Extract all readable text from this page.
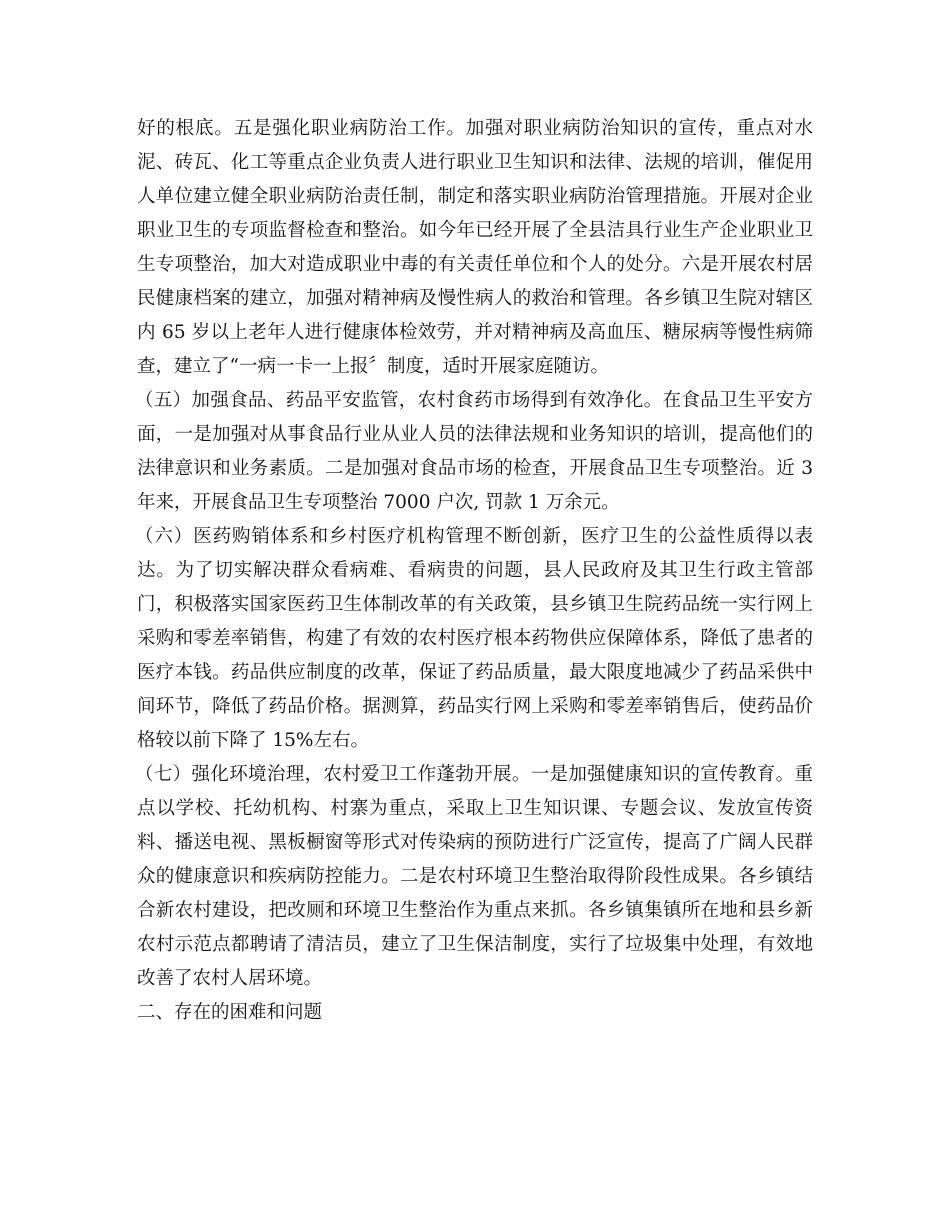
好的根底。五是强化职业病防治工作。加强对职业病防治知识的宣传，重点对水泥、砖瓦、化工等重点企业负责人进行职业卫生知识和法律、法规的培训，催促用人单位建立健全职业病防治责任制，制定和落实职业病防治管理措施。开展对企业职业卫生的专项监督检查和整治。如今年已经开展了全县洁具行业生产企业职业卫生专项整治，加大对造成职业中毒的有关责任单位和个人的处分。六是开展农村居民健康档案的建立，加强对精神病及慢性病人的救治和管理。各乡镇卫生院对辖区内 65 岁以上老年人进行健康体检效劳，并对精神病及高血压、糖尿病等慢性病筛查，建立了“一病一卡一上报〞制度，适时开展家庭随访。

（五）加强食品、药品平安监管，农村食药市场得到有效净化。在食品卫生平安方面，一是加强对从事食品行业从业人员的法律法规和业务知识的培训，提高他们的法律意识和业务素质。二是加强对食品市场的检查，开展食品卫生专项整治。近 3 年来，开展食品卫生专项整治 7000 户次, 罚款 1 万余元。

（六）医药购销体系和乡村医疗机构管理不断创新，医疗卫生的公益性质得以表达。为了切实解决群众看病难、看病贵的问题，县人民政府及其卫生行政主管部门，积极落实国家医药卫生体制改革的有关政策，县乡镇卫生院药品统一实行网上采购和零差率销售，构建了有效的农村医疗根本药物供应保障体系，降低了患者的医疗本钱。药品供应制度的改革，保证了药品质量，最大限度地减少了药品采供中间环节，降低了药品价格。据测算，药品实行网上采购和零差率销售后，使药品价格较以前下降了 15%左右。

（七）强化环境治理，农村爱卫工作蓬勃开展。一是加强健康知识的宣传教育。重点以学校、托幼机构、村寨为重点，采取上卫生知识课、专题会议、发放宣传资料、播送电视、黑板橱窗等形式对传染病的预防进行广泛宣传，提高了广阔人民群众的健康意识和疾病防控能力。二是农村环境卫生整治取得阶段性成果。各乡镇结合新农村建设，把改厕和环境卫生整治作为重点来抓。各乡镇集镇所在地和县乡新农村示范点都聘请了清洁员，建立了卫生保洁制度，实行了垃圾集中处理，有效地改善了农村人居环境。

二、存在的困难和问题
